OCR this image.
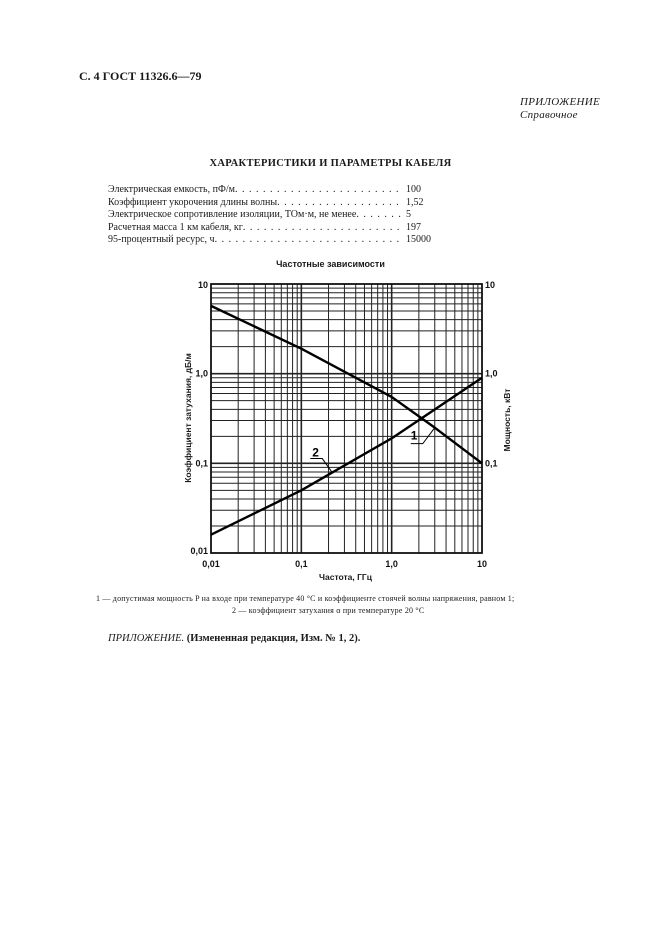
С. 4 ГОСТ 11326.6—79
ПРИЛОЖЕНИЕ
Справочное
ХАРАКТЕРИСТИКИ И ПАРАМЕТРЫ КАБЕЛЯ
Электрическая емкость, пФ/м . . .	100
Коэффициент укорочения длины волны . . .	1,52
Электрическое сопротивление изоляции, ТОм·м, не менее . . .	5
Расчетная масса 1 км кабеля, кг . . .	197
95-процентный ресурс, ч . . .	15000
Частотные зависимости
0,01	0,1	1,0	10
0,01
0,1
1,0
10
0,1
1,0
10
1
2
Коэффициент затухания, дБ/м	Мощность, кВт
Частота, ГГц
1 — допустимая мощность P на входе при температуре 40 °С и коэффициенте стоячей волны напряжения, равном 1;
2 — коэффициент затухания α при температуре 20 °С
ПРИЛОЖЕНИЕ. (Измененная редакция, Изм. № 1, 2).
